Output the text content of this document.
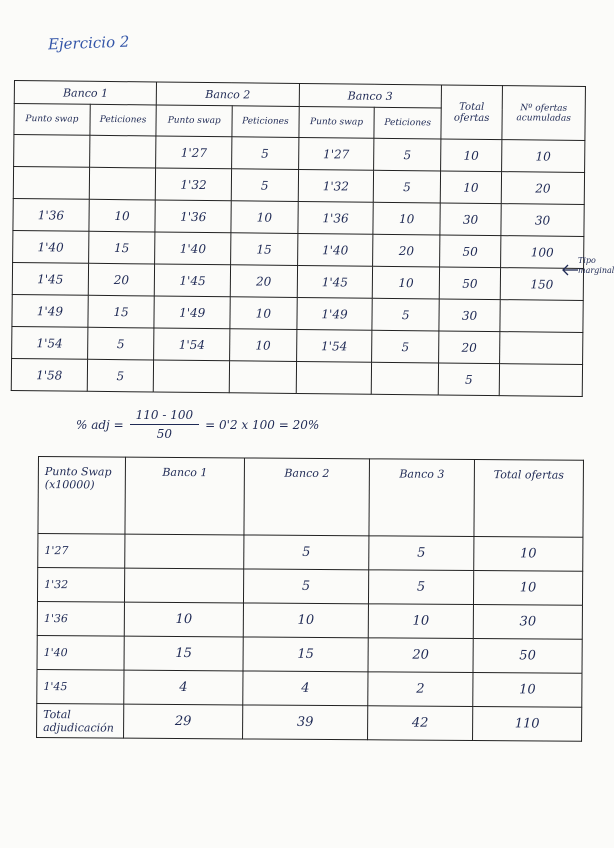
Ejercicio 2
Banco 1		Banco 2		Banco 3		Total ofertas	Nº ofertas acumuladas
Punto swap	Peticiones	Punto swap	Peticiones	Punto swap	Peticiones		
		1'27	5	1'27	5	10	10
		1'32	5	1'32	5	10	20
1'36	10	1'36	10	1'36	10	30	30
1'40	15	1'40	15	1'40	20	50	100
1'45	20	1'45	20	1'45	10	50	150
1'49	15	1'49	10	1'49	5	30	
1'54	5	1'54	10	1'54	5	20	
1'58	5					5	
Tipo marginal
% adj = $\frac{110 - 100}{50} = 0'2$ x 100 = 20%
Punto Swap (x10000)	Banco 1	Banco 2	Banco 3	Total ofertas
1'27		5	5	10
1'32		5	5	10
1'36	10	10	10	30
1'40	15	15	20	50
1'45	4	4	2	10
Total adjudicación	29	39	42	110
